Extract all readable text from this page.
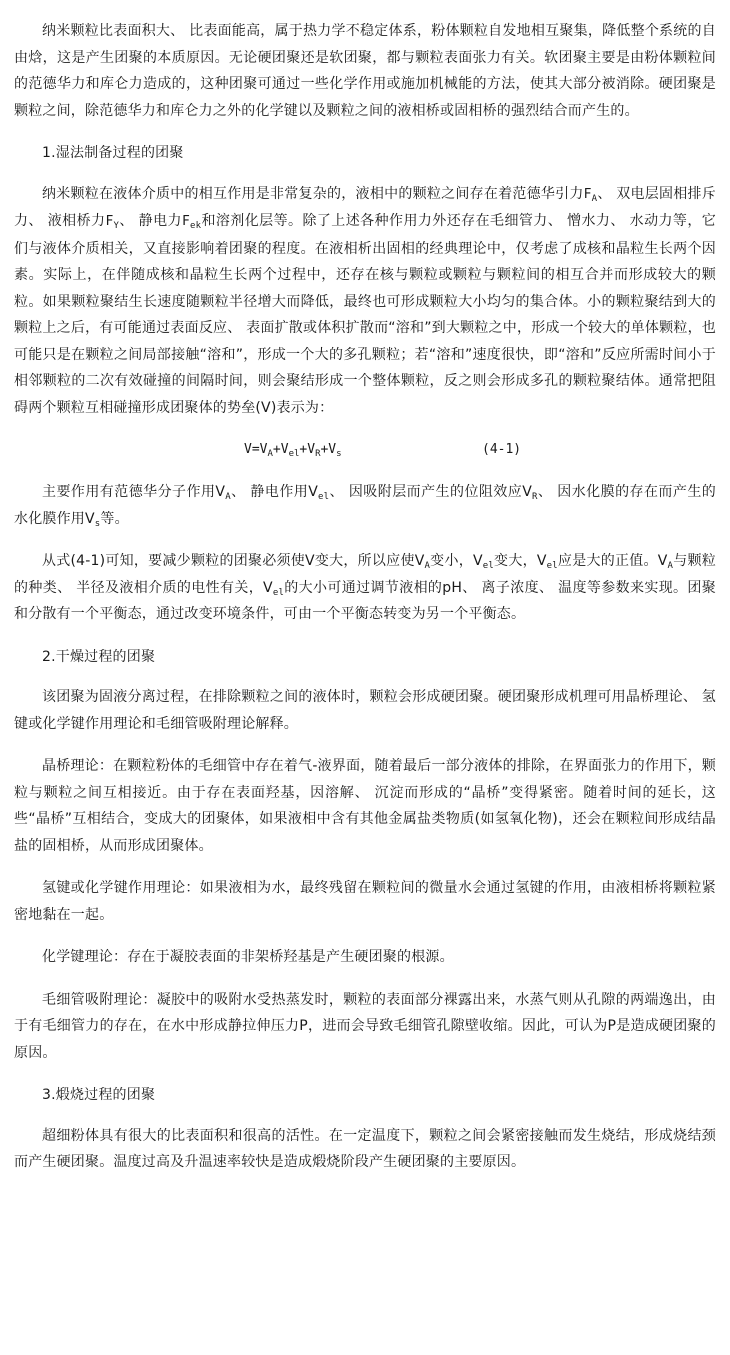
纳米颗粒比表面积大、 比表面能高，属于热力学不稳定体系，粉体颗粒自发地相互聚集，降低整个系统的自由焓，这是产生团聚的本质原因。无论硬团聚还是软团聚，都与颗粒表面张力有关。软团聚主要是由粉体颗粒间的范德华力和库仑力造成的，这种团聚可通过一些化学作用或施加机械能的方法，使其大部分被消除。硬团聚是颗粒之间，除范德华力和库仑力之外的化学键以及颗粒之间的液相桥或固相桥的强烈结合而产生的。

1.湿法制备过程的团聚

纳米颗粒在液体介质中的相互作用是非常复杂的，液相中的颗粒之间存在着范德华引力$F_A$、 双电层固相排斥力、 液相桥力$F_Y$、 静电力$F_{ek}$和溶剂化层等。除了上述各种作用力外还存在毛细管力、 憎水力、 水动力等，它们与液体介质相关，又直接影响着团聚的程度。在液相析出固相的经典理论中，仅考虑了成核和晶粒生长两个因素。实际上，在伴随成核和晶粒生长两个过程中，还存在核与颗粒或颗粒与颗粒间的相互合并而形成较大的颗粒。如果颗粒聚结生长速度随颗粒半径增大而降低，最终也可形成颗粒大小均匀的集合体。小的颗粒聚结到大的颗粒上之后，有可能通过表面反应、 表面扩散或体积扩散而“溶和”到大颗粒之中，形成一个较大的单体颗粒，也可能只是在颗粒之间局部接触“溶和”，形成一个大的多孔颗粒；若“溶和”速度很快，即“溶和”反应所需时间小于相邻颗粒的二次有效碰撞的间隔时间，则会聚结形成一个整体颗粒，反之则会形成多孔的颗粒聚结体。通常把阻碍两个颗粒互相碰撞形成团聚体的势垒(V)表示为：

$V=V_A+V_{el}+V_R+V_s$	(4-1)

主要作用有范德华分子作用$V_A$、 静电作用$V_{el}$、 因吸附层而产生的位阻效应$V_R$、 因水化膜的存在而产生的水化膜作用$V_s$等。

从式(4-1)可知，要减少颗粒的团聚必须使V变大，所以应使$V_A$变小，$V_{el}$变大，$V_{el}$应是大的正值。$V_A$与颗粒的种类、 半径及液相介质的电性有关，$V_{el}$的大小可通过调节液相的pH、 离子浓度、 温度等参数来实现。团聚和分散有一个平衡态，通过改变环境条件，可由一个平衡态转变为另一个平衡态。

2.干燥过程的团聚

该团聚为固液分离过程，在排除颗粒之间的液体时，颗粒会形成硬团聚。硬团聚形成机理可用晶桥理论、 氢键或化学键作用理论和毛细管吸附理论解释。

晶桥理论：在颗粒粉体的毛细管中存在着气-液界面，随着最后一部分液体的排除，在界面张力的作用下，颗粒与颗粒之间互相接近。由于存在表面羟基，因溶解、 沉淀而形成的“晶桥”变得紧密。随着时间的延长，这些“晶桥”互相结合，变成大的团聚体，如果液相中含有其他金属盐类物质(如氢氧化物)，还会在颗粒间形成结晶盐的固相桥，从而形成团聚体。

氢键或化学键作用理论：如果液相为水，最终残留在颗粒间的微量水会通过氢键的作用，由液相桥将颗粒紧密地黏在一起。

化学键理论：存在于凝胶表面的非架桥羟基是产生硬团聚的根源。

毛细管吸附理论：凝胶中的吸附水受热蒸发时，颗粒的表面部分裸露出来，水蒸气则从孔隙的两端逸出，由于有毛细管力的存在，在水中形成静拉伸压力P，进而会导致毛细管孔隙壁收缩。因此，可认为P是造成硬团聚的原因。

3.煅烧过程的团聚

超细粉体具有很大的比表面积和很高的活性。在一定温度下，颗粒之间会紧密接触而发生烧结，形成烧结颈而产生硬团聚。温度过高及升温速率较快是造成煅烧阶段产生硬团聚的主要原因。
